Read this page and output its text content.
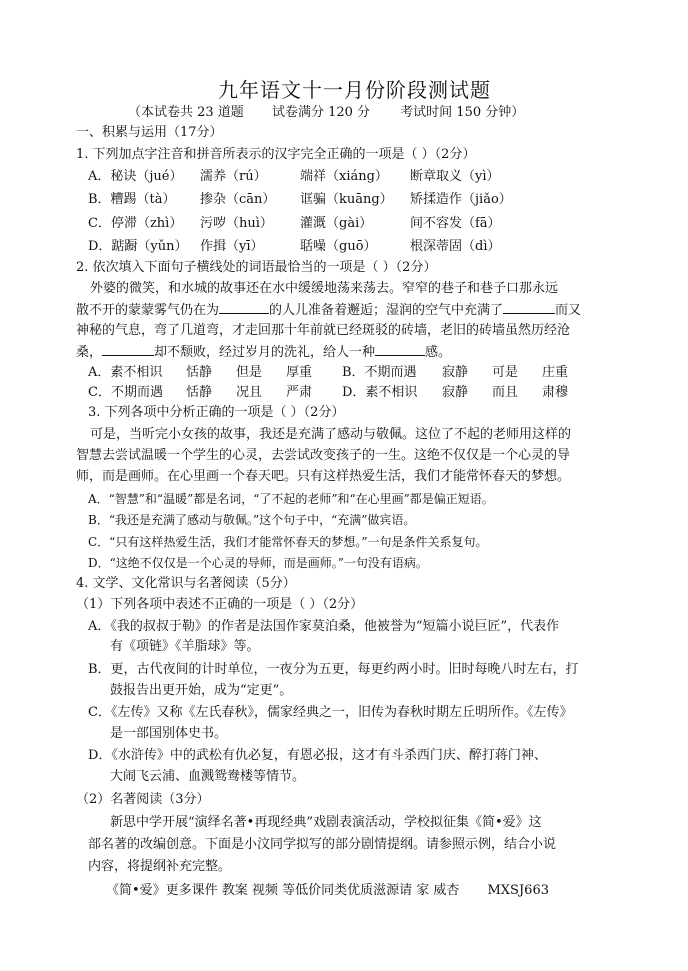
九年语文十一月份阶段测试题
（本试卷共 23 道题 试卷满分 120 分 考试时间 150 分钟）
一、积累与运用（17分）
1. 下列加点字注音和拼音所表示的汉字完全正确的一项是（ ）（2分）
A．秘诀（jué） 濡养（rú）	端祥（xiáng） 断章取义（yì）
B．糟踢（tà） 掺杂（cān） 诓骗（kuāng） 矫揉造作（jiǎo）
C．停滞（zhì） 污哕（huì） 灌溉（gài）	间不容发（fā）
D．踮蹰（yǔn） 作揖（yī）	聒噪（guō）	根深蒂固（dì）
2. 依次填入下面句子横线处的词语最恰当的一项是（ ）（2分）
外婆的微笑，和水城的故事还在水中缓缓地荡来荡去。窄窄的巷子和巷子口那永远
散不开的蒙蒙雾气仍在为	的人儿准备着邂逅；湿润的空气中充满了	而又
神秘的气息，弯了几道弯，才走回那十年前就已经斑驳的砖墙，老旧的砖墙虽然历经沧
桑，	却不颓败，经过岁月的洗礼，给人一种	感。
A．素不相识 恬静 但是 厚重 B．不期而遇 寂静 可是 庄重
C．不期而遇 恬静 况且 严肃 D．素不相识 寂静 而且 肃穆
3. 下列各项中分析正确的一项是（ ）（2分）
可是，当听完小女孩的故事，我还是充满了感动与敬佩。这位了不起的老师用这样的
智慧去尝试温暖一个学生的心灵，去尝试改变孩子的一生。这绝不仅仅是一个心灵的导
师，而是画师。在心里画一个春天吧。只有这样热爱生活，我们才能常怀春天的梦想。
A．“智慧”和“温暖”都是名词，“了不起的老师”和“在心里画”都是偏正短语。
B．“我还是充满了感动与敬佩。”这个句子中，“充满”做宾语。
C．“只有这样热爱生活，我们才能常怀春天的梦想。”一句是条件关系复句。
D．“这绝不仅仅是一个心灵的导师，而是画师。”一句没有语病。
4. 文学、文化常识与名著阅读（5分）
（1）下列各项中表述不正确的一项是（ ）（2分）
A．《我的叔叔于勒》的作者是法国作家莫泊桑，他被誉为“短篇小说巨匠”，代表作
有《项链》《羊脂球》等。
B．更，古代夜间的计时单位，一夜分为五更，每更约两小时。旧时每晚八时左右，打
鼓报告出更开始，成为“定更”。
C．《左传》又称《左氏春秋》，儒家经典之一，旧传为春秋时期左丘明所作。《左传》
是一部国别体史书。
D．《水浒传》中的武松有仇必复，有恩必报，这才有斗杀西门庆、醉打蒋门神、
大闹飞云浦、血溅鸳鸯楼等情节。
（2）名著阅读（3分）
新思中学开展“演绎名著•再现经典”戏剧表演活动，学校拟征集《简•爱》这
部名著的改编创意。下面是小汶同学拟写的部分剧情提纲。请参照示例，结合小说
内容，将提纲补充完整。
《简•爱》更多课件 教案 视频 等低价同类优质滋源请 家 威杏 MXSJ663
